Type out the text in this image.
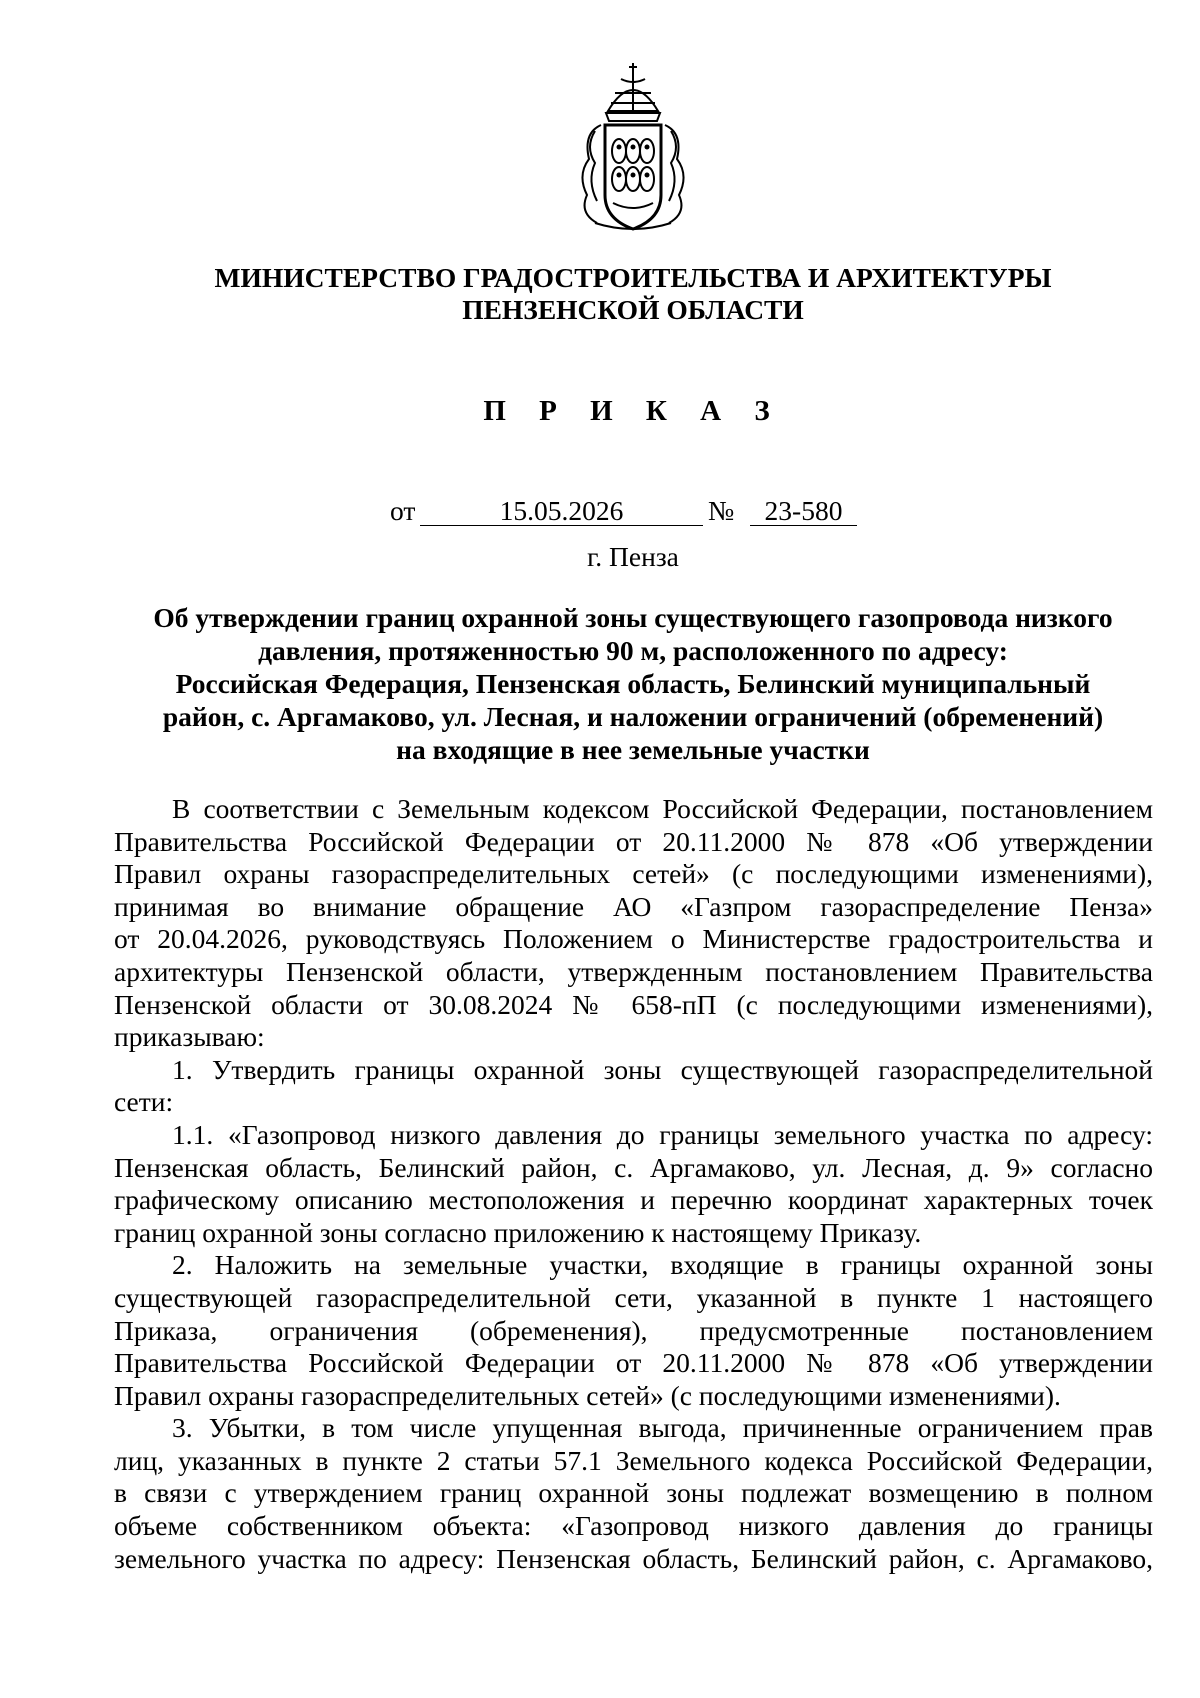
МИНИСТЕРСТВО ГРАДОСТРОИТЕЛЬСТВА И АРХИТЕКТУРЫ
ПЕНЗЕНСКОЙ ОБЛАСТИ
П Р И К А З
от	15.05.2026	№	23-580
г. Пенза
Об утверждении границ охранной зоны существующего газопровода низкого
давления, протяженностью 90 м, расположенного по адресу:
Российская Федерация, Пензенская область, Белинский муниципальный
район, с. Аргамаково, ул. Лесная, и наложении ограничений (обременений)
на входящие в нее земельные участки
В соответствии с Земельным кодексом Российской Федерации, постановлением
Правительства Российской Федерации от 20.11.2000 № 878 «Об утверждении
Правил охраны газораспределительных сетей» (с последующими изменениями),
принимая во внимание обращение АО «Газпром газораспределение Пенза»
от 20.04.2026, руководствуясь Положением о Министерстве градостроительства и
архитектуры Пензенской области, утвержденным постановлением Правительства
Пензенской области от 30.08.2024 № 658-пП (с последующими изменениями),
приказываю:
1. Утвердить границы охранной зоны существующей газораспределительной
сети:
1.1. «Газопровод низкого давления до границы земельного участка по адресу:
Пензенская область, Белинский район, с. Аргамаково, ул. Лесная, д. 9» согласно
графическому описанию местоположения и перечню координат характерных точек
границ охранной зоны согласно приложению к настоящему Приказу.
2. Наложить на земельные участки, входящие в границы охранной зоны
существующей газораспределительной сети, указанной в пункте 1 настоящего
Приказа, ограничения (обременения), предусмотренные постановлением
Правительства Российской Федерации от 20.11.2000 № 878 «Об утверждении
Правил охраны газораспределительных сетей» (с последующими изменениями).
3. Убытки, в том числе упущенная выгода, причиненные ограничением прав
лиц, указанных в пункте 2 статьи 57.1 Земельного кодекса Российской Федерации,
в связи с утверждением границ охранной зоны подлежат возмещению в полном
объеме собственником объекта: «Газопровод низкого давления до границы
земельного участка по адресу: Пензенская область, Белинский район, с. Аргамаково,
